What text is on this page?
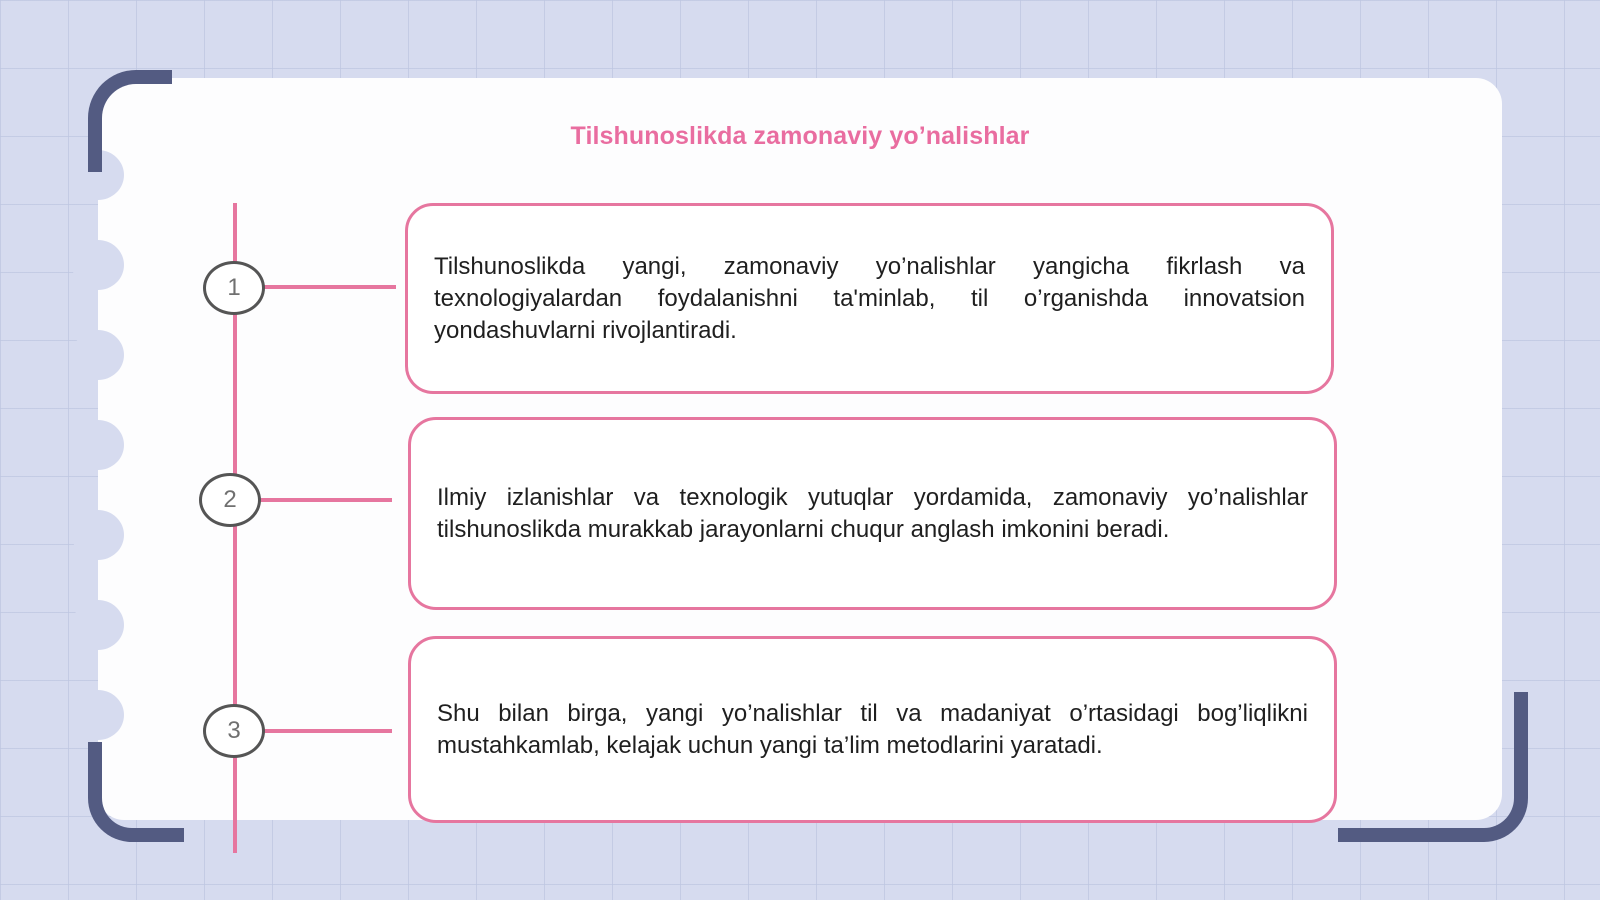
Tilshunoslikda zamonaviy yo’nalishlar
1
2
3

Tilshunoslikda yangi, zamonaviy yo’nalishlar yangicha fikrlash va texnologiyalardan foydalanishni ta'minlab, til o’rganishda innovatsion yondashuvlarni rivojlantiradi.

Ilmiy izlanishlar va texnologik yutuqlar yordamida, zamonaviy yo’nalishlar tilshunoslikda murakkab jarayonlarni chuqur anglash imkonini beradi.

Shu bilan birga, yangi yo’nalishlar til va madaniyat o’rtasidagi bog’liqlikni mustahkamlab, kelajak uchun yangi ta’lim metodlarini yaratadi.
